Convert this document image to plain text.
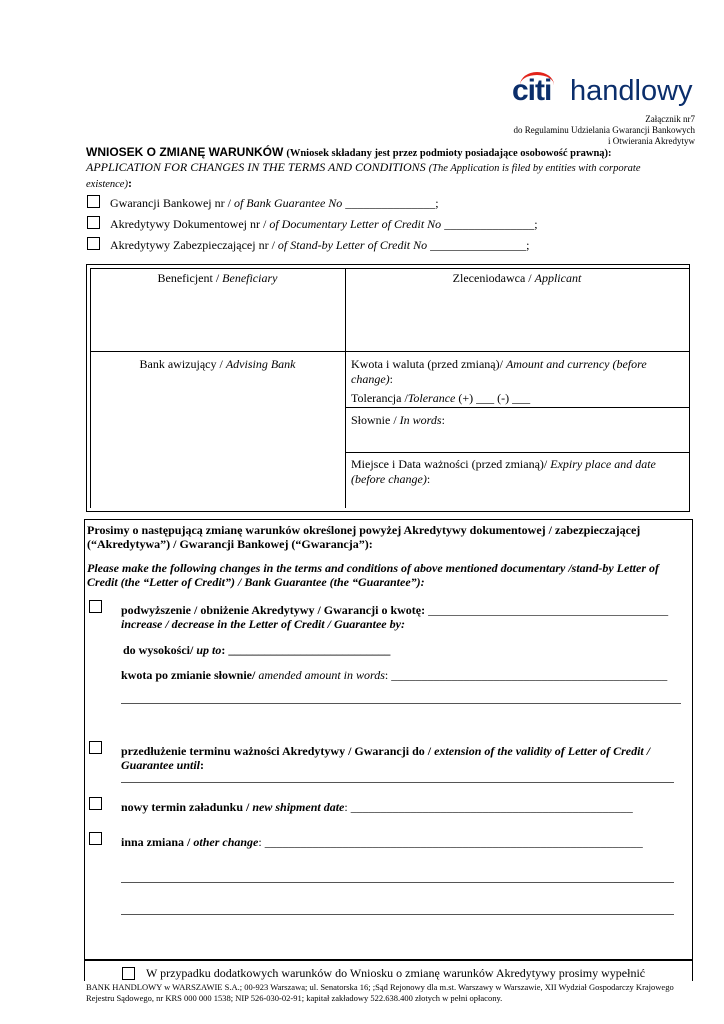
citi handlowy
Załącznik nr7
do Regulaminu Udzielania Gwarancji Bankowych
i Otwierania Akredytyw
WNIOSEK O ZMIANĘ WARUNKÓW (Wniosek składany jest przez podmioty posiadające osobowość prawną):
APPLICATION FOR CHANGES IN THE TERMS AND CONDITIONS (The Application is filed by entities with corporate existence):
Gwarancji Bankowej nr / of Bank Guarantee No _______________;
Akredytywy Dokumentowej nr / of Documentary Letter of Credit No _______________;
Akredytywy Zabezpieczającej nr / of Stand-by Letter of Credit No ________________;
Beneficjent / Beneficiary	Zleceniodawca / Applicant
Bank awizujący / Advising Bank	Kwota i waluta (przed zmianą)/ Amount and currency (before change):
Tolerancja /Tolerance (+) ___ (-) ___
Słownie / In words:
Miejsce i Data ważności (przed zmianą)/ Expiry place and date (before change):
Prosimy o następującą zmianę warunków określonej powyżej Akredytywy dokumentowej / zabezpieczającej (“Akredytywa”) / Gwarancji Bankowej (“Gwarancja”):
Please make the following changes in the terms and conditions of above mentioned documentary /stand-by Letter of Credit (the “Letter of Credit”) / Bank Guarantee (the “Guarantee”):
podwyższenie / obniżenie Akredytywy / Gwarancji o kwotę: ________________________________________
increase / decrease in the Letter of Credit / Guarantee by:
do wysokości/ up to: ___________________________
kwota po zmianie słownie/ amended amount in words: ______________________________________________
przedłużenie terminu ważności Akredytywy / Gwarancji do / extension of the validity of Letter of Credit / Guarantee until:
nowy termin załadunku / new shipment date: _______________________________________________
inna zmiana / other change: _______________________________________________________________
W przypadku dodatkowych warunków do Wniosku o zmianę warunków Akredytywy prosimy wypełnić
BANK HANDLOWY w WARSZAWIE S.A.; 00-923 Warszawa; ul. Senatorska 16; ;Sąd Rejonowy dla m.st. Warszawy w Warszawie, XII Wydział Gospodarczy Krajowego
Rejestru Sądowego, nr KRS 000 000 1538; NIP 526-030-02-91; kapitał zakładowy 522.638.400 złotych w pełni opłacony.
